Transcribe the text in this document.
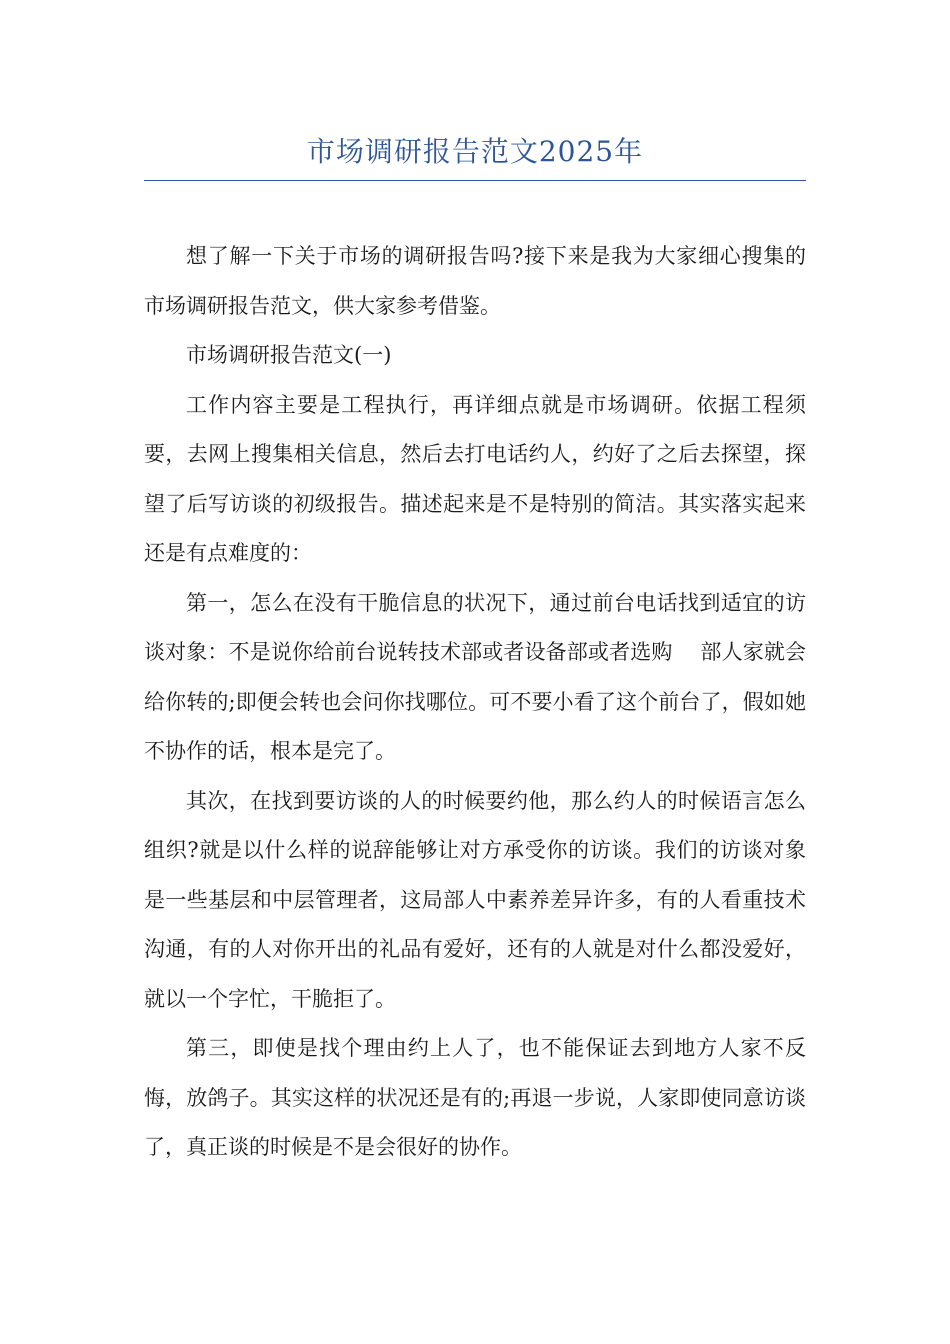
市场调研报告范文2025年

想了解一下关于市场的调研报告吗?接下来是我为大家细心搜集的市场调研报告范文，供大家参考借鉴。

市场调研报告范文(一)

工作内容主要是工程执行，再详细点就是市场调研。依据工程须要，去网上搜集相关信息，然后去打电话约人，约好了之后去探望，探望了后写访谈的初级报告。描述起来是不是特别的简洁。其实落实起来还是有点难度的：

第一，怎么在没有干脆信息的状况下，通过前台电话找到适宜的访谈对象：不是说你给前台说转技术部或者设备部或者选购　 部人家就会给你转的;即便会转也会问你找哪位。可不要小看了这个前台了，假如她不协作的话，根本是完了。

其次，在找到要访谈的人的时候要约他，那么约人的时候语言怎么组织?就是以什么样的说辞能够让对方承受你的访谈。我们的访谈对象是一些基层和中层管理者，这局部人中素养差异许多，有的人看重技术沟通，有的人对你开出的礼品有爱好，还有的人就是对什么都没爱好，就以一个字忙，干脆拒了。

第三，即使是找个理由约上人了，也不能保证去到地方人家不反悔，放鸽子。其实这样的状况还是有的;再退一步说，人家即使同意访谈了，真正谈的时候是不是会很好的协作。
